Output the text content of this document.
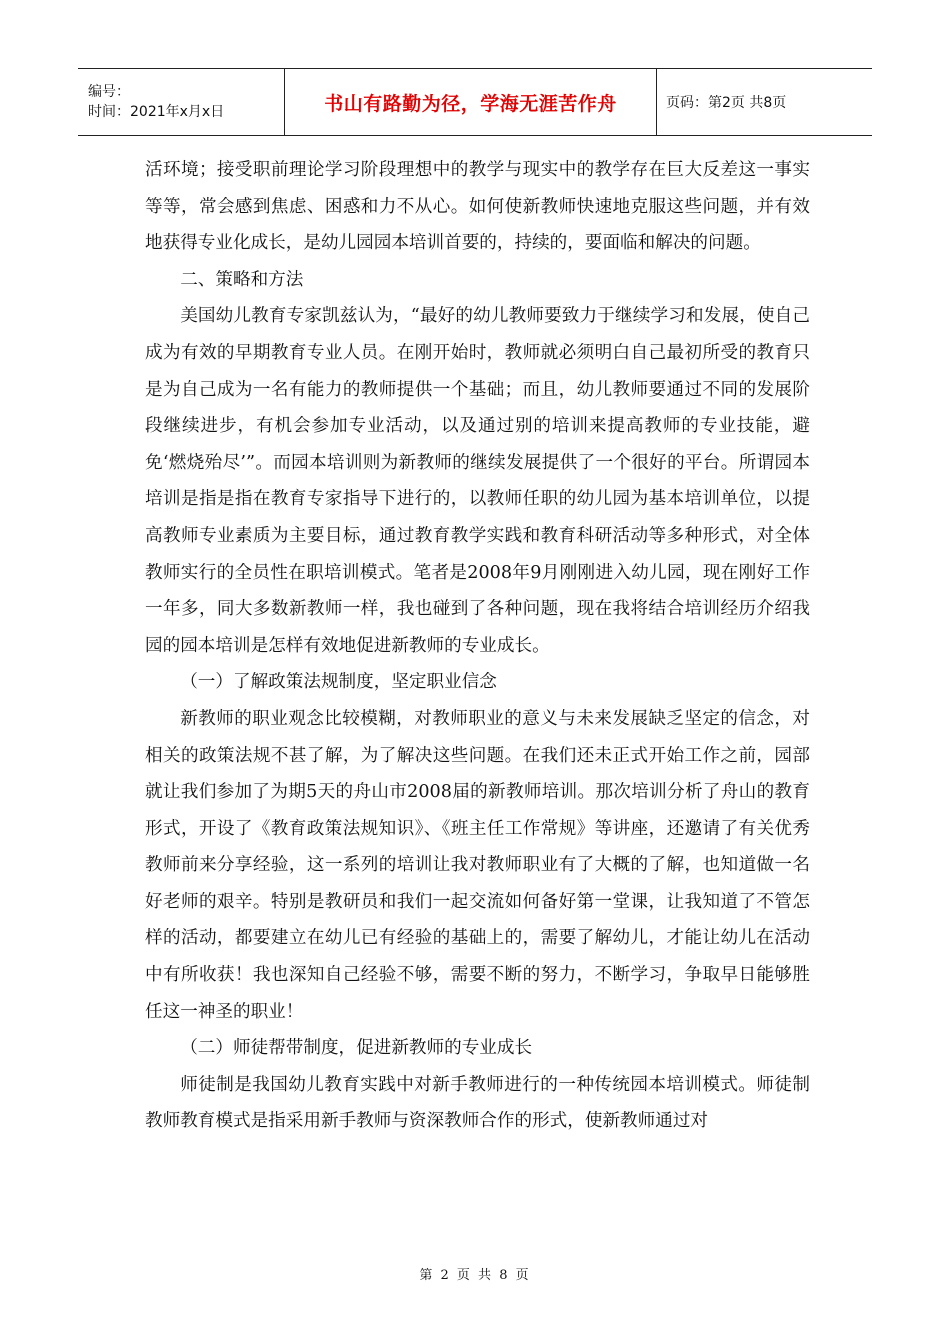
编号：
时间：2021年x月x日	书山有路勤为径，学海无涯苦作舟	页码：第2页 共8页

活环境；接受职前理论学习阶段理想中的教学与现实中的教学存在巨大反差这一事实等等，常会感到焦虑、困惑和力不从心。如何使新教师快速地克服这些问题，并有效地获得专业化成长，是幼儿园园本培训首要的，持续的，要面临和解决的问题。

二、策略和方法

美国幼儿教育专家凯兹认为，“最好的幼儿教师要致力于继续学习和发展，使自己成为有效的早期教育专业人员。在刚开始时，教师就必须明白自己最初所受的教育只是为自己成为一名有能力的教师提供一个基础；而且，幼儿教师要通过不同的发展阶段继续进步，有机会参加专业活动，以及通过别的培训来提高教师的专业技能，避免‘燃烧殆尽’”。而园本培训则为新教师的继续发展提供了一个很好的平台。所谓园本培训是指是指在教育专家指导下进行的，以教师任职的幼儿园为基本培训单位，以提高教师专业素质为主要目标，通过教育教学实践和教育科研活动等多种形式，对全体教师实行的全员性在职培训模式。笔者是2008年9月刚刚进入幼儿园，现在刚好工作一年多，同大多数新教师一样，我也碰到了各种问题，现在我将结合培训经历介绍我园的园本培训是怎样有效地促进新教师的专业成长。

（一）了解政策法规制度，坚定职业信念

新教师的职业观念比较模糊，对教师职业的意义与未来发展缺乏坚定的信念，对相关的政策法规不甚了解，为了解决这些问题。在我们还未正式开始工作之前，园部就让我们参加了为期5天的舟山市2008届的新教师培训。那次培训分析了舟山的教育形式，开设了《教育政策法规知识》、《班主任工作常规》等讲座，还邀请了有关优秀教师前来分享经验，这一系列的培训让我对教师职业有了大概的了解，也知道做一名好老师的艰辛。特别是教研员和我们一起交流如何备好第一堂课，让我知道了不管怎样的活动，都要建立在幼儿已有经验的基础上的，需要了解幼儿，才能让幼儿在活动中有所收获！我也深知自己经验不够，需要不断的努力，不断学习，争取早日能够胜任这一神圣的职业！

（二）师徒帮带制度，促进新教师的专业成长

师徒制是我国幼儿教育实践中对新手教师进行的一种传统园本培训模式。师徒制教师教育模式是指采用新手教师与资深教师合作的形式，使新教师通过对

第 2 页 共 8 页
